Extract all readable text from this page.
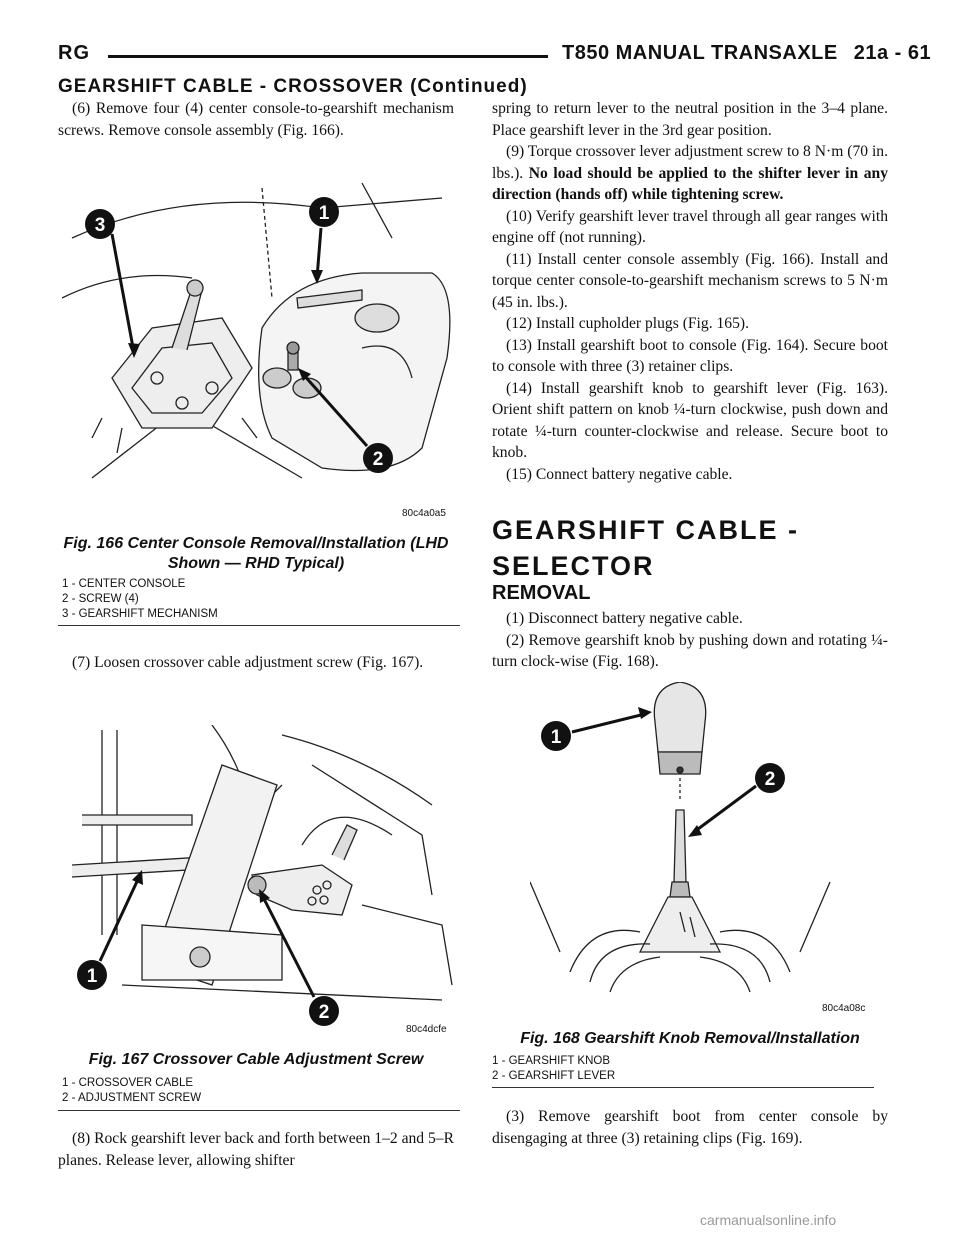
RG	T850 MANUAL TRANSAXLE 21a - 61
GEARSHIFT CABLE - CROSSOVER (Continued)

(6) Remove four (4) center console-to-gearshift mechanism screws. Remove console assembly (Fig. 166).

3
1
2
80c4a0a5
Fig. 166 Center Console Removal/Installation (LHD Shown — RHD Typical)
1 - CENTER CONSOLE
2 - SCREW (4)
3 - GEARSHIFT MECHANISM

(7) Loosen crossover cable adjustment screw (Fig. 167).

1
2
80c4dcfe
Fig. 167 Crossover Cable Adjustment Screw
1 - CROSSOVER CABLE
2 - ADJUSTMENT SCREW

(8) Rock gearshift lever back and forth between 1–2 and 5–R planes. Release lever, allowing shifter

spring to return lever to the neutral position in the 3–4 plane. Place gearshift lever in the 3rd gear position.

(9) Torque crossover lever adjustment screw to 8 N·m (70 in. lbs.). No load should be applied to the shifter lever in any direction (hands off) while tightening screw.

(10) Verify gearshift lever travel through all gear ranges with engine off (not running).

(11) Install center console assembly (Fig. 166). Install and torque center console-to-gearshift mechanism screws to 5 N·m (45 in. lbs.).

(12) Install cupholder plugs (Fig. 165).

(13) Install gearshift boot to console (Fig. 164). Secure boot to console with three (3) retainer clips.

(14) Install gearshift knob to gearshift lever (Fig. 163). Orient shift pattern on knob ¼-turn clockwise, push down and rotate ¼-turn counter-clockwise and release. Secure boot to knob.

(15) Connect battery negative cable.

GEARSHIFT CABLE -
SELECTOR
REMOVAL

(1) Disconnect battery negative cable.

(2) Remove gearshift knob by pushing down and rotating ¼-turn clock-wise (Fig. 168).

1
2
80c4a08c
Fig. 168 Gearshift Knob Removal/Installation
1 - GEARSHIFT KNOB
2 - GEARSHIFT LEVER

(3) Remove gearshift boot from center console by disengaging at three (3) retaining clips (Fig. 169).

carmanualsonline.info
